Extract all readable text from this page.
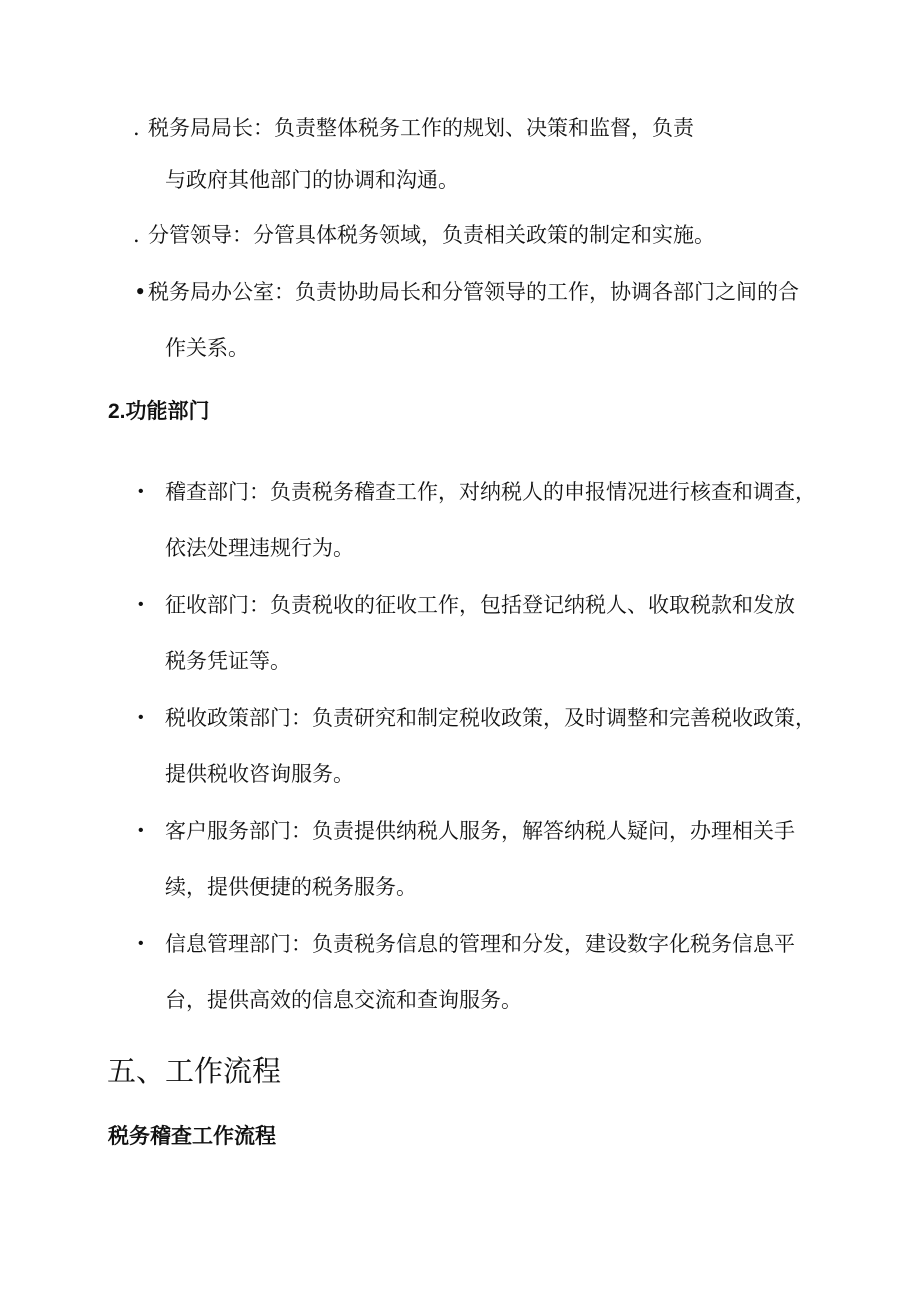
. 税务局局长：负责整体税务工作的规划、决策和监督，负责
与政府其他部门的协调和沟通。
. 分管领导：分管具体税务领域，负责相关政策的制定和实施。
• 税务局办公室：负责协助局长和分管领导的工作，协调各部门之间的合
作关系。
2.功能部门
• 稽查部门：负责税务稽查工作，对纳税人的申报情况进行核查和调查，
依法处理违规行为。
• 征收部门：负责税收的征收工作，包括登记纳税人、收取税款和发放
税务凭证等。
• 税收政策部门：负责研究和制定税收政策，及时调整和完善税收政策，
提供税收咨询服务。
• 客户服务部门：负责提供纳税人服务，解答纳税人疑问，办理相关手
续，提供便捷的税务服务。
• 信息管理部门：负责税务信息的管理和分发，建设数字化税务信息平
台，提供高效的信息交流和查询服务。
五、工作流程
税务稽查工作流程
